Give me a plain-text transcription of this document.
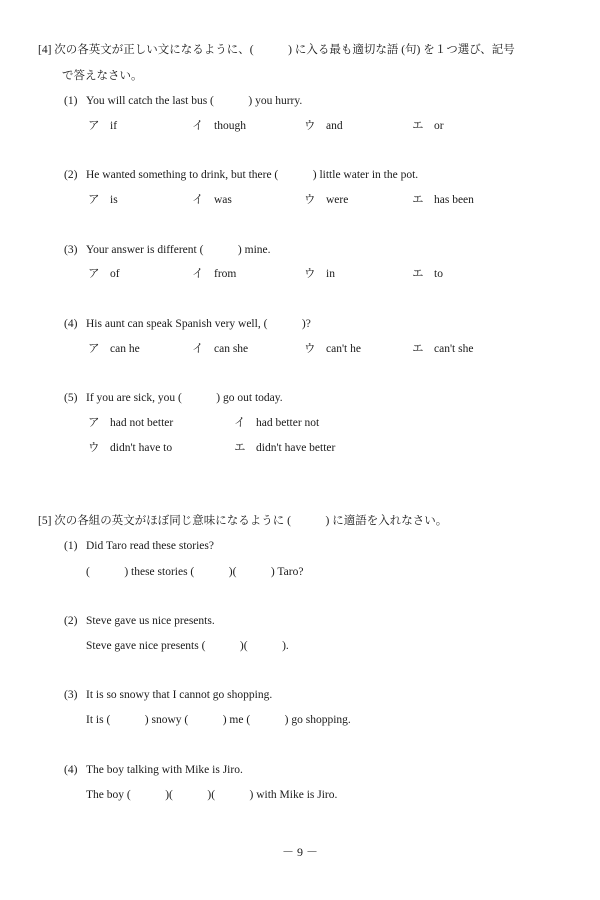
[4] 次の各英文が正しい文になるように、(　　　) に入る最も適切な語 (句) を１つ選び、記号
で答えなさい。
(1) You will catch the last bus (　　　) you hurry.
ア if	イ though	ウ and	エ or
(2) He wanted something to drink, but there (　　　) little water in the pot.
ア is	イ was	ウ were	エ has been
(3) Your answer is different (　　　) mine.
ア of	イ from	ウ in	エ to
(4) His aunt can speak Spanish very well, (　　　)?
ア can he	イ can she	ウ can't he	エ can't she
(5) If you are sick, you (　　　) go out today.
ア had not better	イ had better not
ウ didn't have to	エ didn't have better
[5] 次の各組の英文がほぼ同じ意味になるように (　　　) に適語を入れなさい。
(1) Did Taro read these stories?
(　　　) these stories (　　　)(　　　) Taro?
(2) Steve gave us nice presents.
Steve gave nice presents (　　　)(　　　).
(3) It is so snowy that I cannot go shopping.
It is (　　　) snowy (　　　) me (　　　) go shopping.
(4) The boy talking with Mike is Jiro.
The boy (　　　)(　　　)(　　　) with Mike is Jiro.
－ 9 －
